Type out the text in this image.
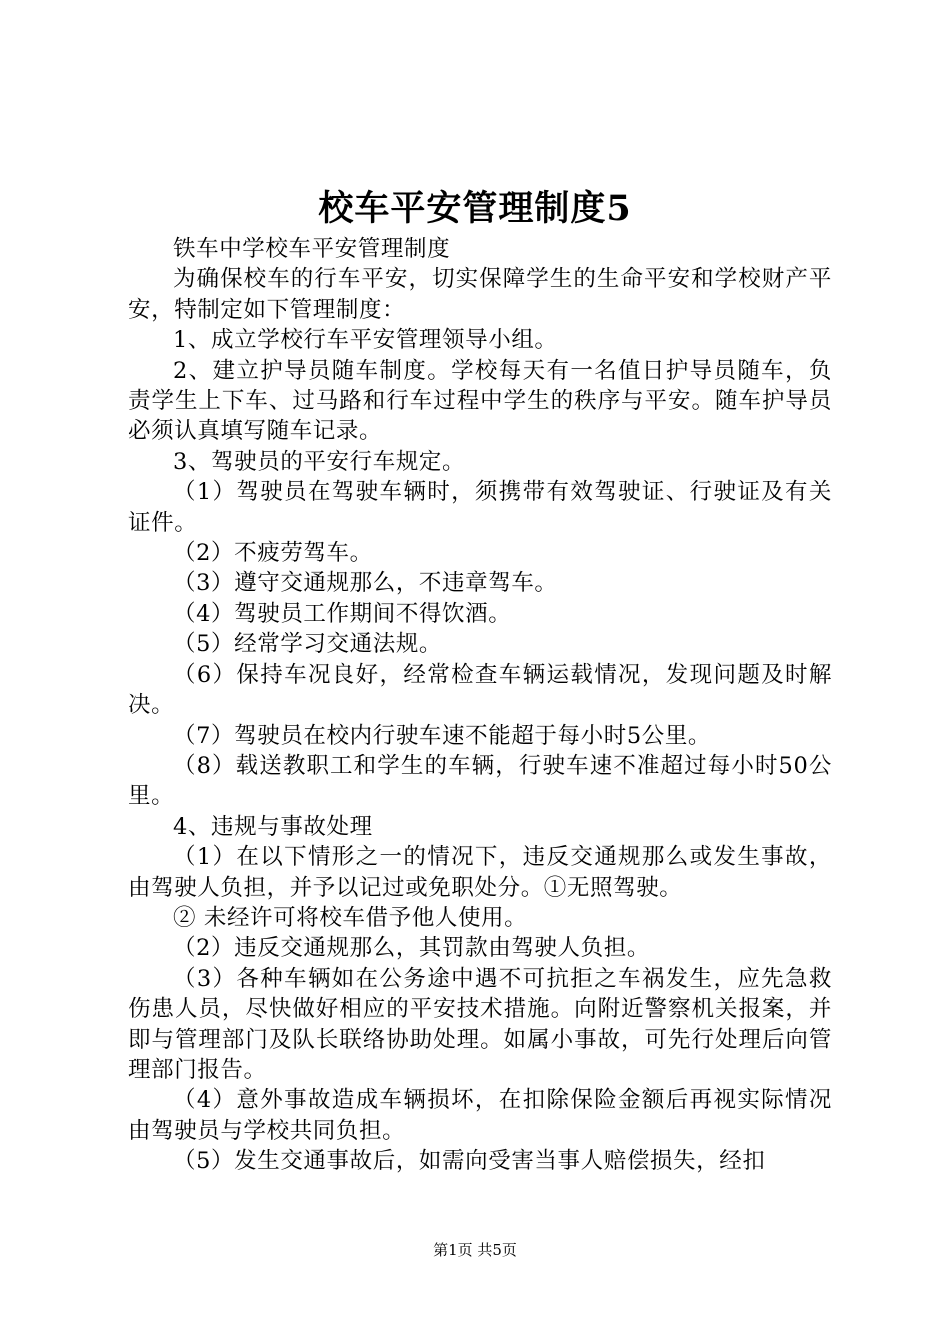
校车平安管理制度5

铁车中学校车平安管理制度

为确保校车的行车平安，切实保障学生的生命平安和学校财产平安，特制定如下管理制度：

1、成立学校行车平安管理领导小组。

2、建立护导员随车制度。学校每天有一名值日护导员随车，负责学生上下车、过马路和行车过程中学生的秩序与平安。随车护导员必须认真填写随车记录。

3、驾驶员的平安行车规定。

（1）驾驶员在驾驶车辆时，须携带有效驾驶证、行驶证及有关证件。

（2）不疲劳驾车。

（3）遵守交通规那么，不违章驾车。

（4）驾驶员工作期间不得饮酒。

（5）经常学习交通法规。

（6）保持车况良好，经常检查车辆运载情况，发现问题及时解决。

（7）驾驶员在校内行驶车速不能超于每小时5公里。

（8）载送教职工和学生的车辆，行驶车速不准超过每小时50公里。

4、违规与事故处理

（1）在以下情形之一的情况下，违反交通规那么或发生事故，由驾驶人负担，并予以记过或免职处分。①无照驾驶。

② 未经许可将校车借予他人使用。

（2）违反交通规那么，其罚款由驾驶人负担。

（3）各种车辆如在公务途中遇不可抗拒之车祸发生，应先急救伤患人员，尽快做好相应的平安技术措施。向附近警察机关报案，并即与管理部门及队长联络协助处理。如属小事故，可先行处理后向管理部门报告。

（4）意外事故造成车辆损坏，在扣除保险金额后再视实际情况由驾驶员与学校共同负担。

（5）发生交通事故后，如需向受害当事人赔偿损失，经扣

第1页 共5页
